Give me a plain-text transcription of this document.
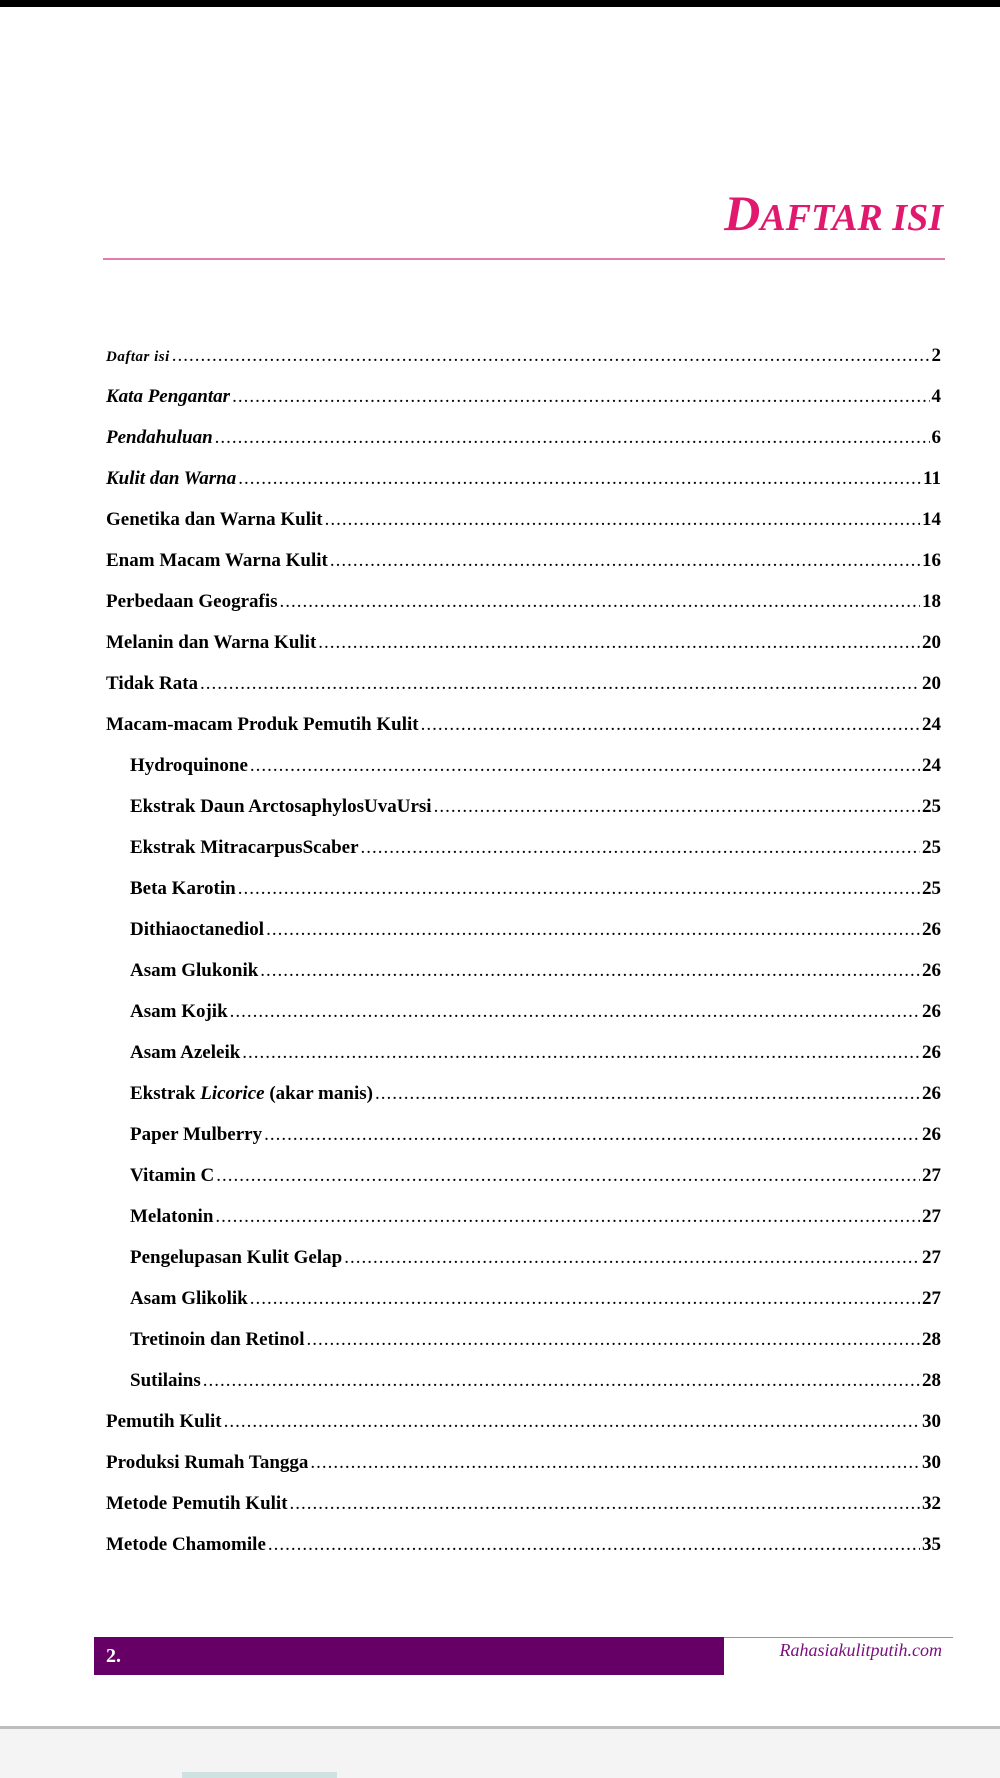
DAFTAR ISI
Daftar isi .....	2
Kata Pengantar .....	4
Pendahuluan .....	6
Kulit dan Warna .....	11
Genetika dan Warna Kulit .....	14
Enam Macam Warna Kulit .....	16
Perbedaan Geografis .....	18
Melanin dan Warna Kulit .....	20
Tidak Rata .....	20
Macam-macam Produk Pemutih Kulit .....	24
Hydroquinone .....	24
Ekstrak Daun ArctosaphylosUvaUrsi .....	25
Ekstrak MitracarpusScaber .....	25
Beta Karotin .....	25
Dithiaoctanediol .....	26
Asam Glukonik .....	26
Asam Kojik .....	26
Asam Azeleik .....	26
Ekstrak Licorice (akar manis) .....	26
Paper Mulberry .....	26
Vitamin C .....	27
Melatonin .....	27
Pengelupasan Kulit Gelap .....	27
Asam Glikolik .....	27
Tretinoin dan Retinol .....	28
Sutilains .....	28
Pemutih Kulit .....	30
Produksi Rumah Tangga .....	30
Metode Pemutih Kulit .....	32
Metode Chamomile .....	35
2.	Rahasiakulitputih.com
